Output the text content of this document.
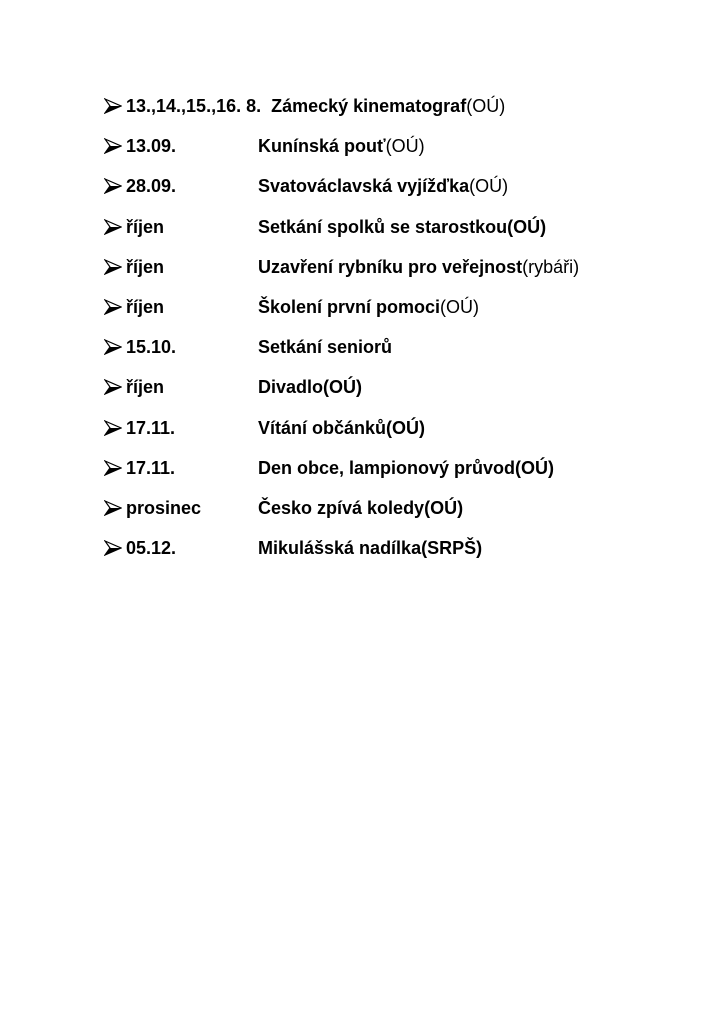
13.,14.,15.,16. 8. Zámecký kinematograf (OÚ)
13.09.	Kunínská pouť (OÚ)
28.09.	Svatováclavská vyjížďka (OÚ)
říjen	Setkání spolků se starostkou (OÚ)
říjen	Uzavření rybníku pro veřejnost (rybáři)
říjen	Školení první pomoci (OÚ)
15.10.	Setkání seniorů
říjen	Divadlo (OÚ)
17.11.	Vítání občánků (OÚ)
17.11.	Den obce, lampionový průvod (OÚ)
prosinec	Česko zpívá koledy (OÚ)
05.12.	Mikulášská nadílka (SRPŠ)
